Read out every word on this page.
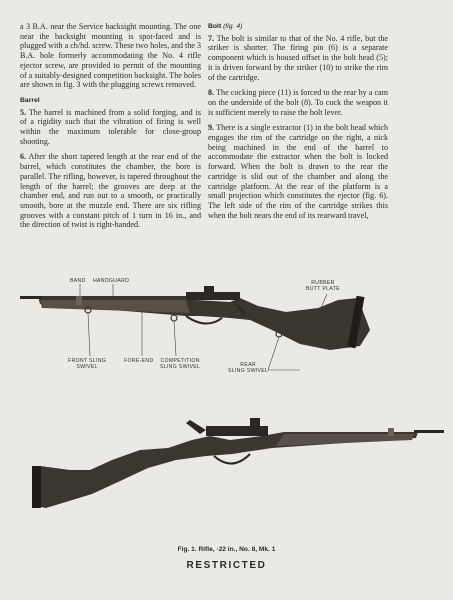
a 3 B.A. near the Service backsight mounting. The one near the backsight mounting is spot-faced and is plugged with a ch/hd. screw. These two holes, and the 3 B.A. hole formerly accommodating the No. 4 rifle ejector screw, are provided to permit of the mounting of a suitably-designed competition backsight. The holes are shown in fig. 3 with the plugging screws removed.

Barrel

5. The barrel is machined from a solid forging, and is of a rigidity such that the vibration of firing is well within the maximum tolerable for close-group shooting.

6. After the short tapered length at the rear end of the barrel, which constitutes the chamber, the bore is parallel. The rifling, however, is tapered throughout the length of the barrel; the grooves are deep at the chamber end, and run out to a smooth, or practically smooth, bore at the muzzle end. There are six rifling grooves with a constant pitch of 1 turn in 16 in., and the direction of twist is right-handed.

Bolt (fig. 4)

7. The bolt is similar to that of the No. 4 rifle, but the striker is shorter. The firing pin (6) is a separate component which is housed offset in the bolt head (5); it is driven forward by the striker (10) to strike the rim of the cartridge.

8. The cocking piece (11) is forced to the rear by a cam on the underside of the bolt (8). To cock the weapon it is sufficient merely to raise the bolt lever.

9. There is a single extractor (1) in the bolt head which engages the rim of the cartridge on the right, a nick being machined in the end of the barrel to accommodate the extractor when the bolt is locked forward. When the bolt is drawn to the rear the cartridge is slid out of the chamber and along the cartridge platform. At the rear of the platform is a small projection which constitutes the ejector (fig. 6). The left side of the rim of the cartridge strikes this when the bolt nears the end of its rearward travel,

BAND HANDGUARD	RUBBER
BUTT PLATE
FRONT SLING
SWIVEL
FORE-END COMPETITION
SLING SWIVEL	REAR
SLING SWIVEL
Fig. 1. Rifle, ·22 in., No. 8, Mk. 1
RESTRICTED
